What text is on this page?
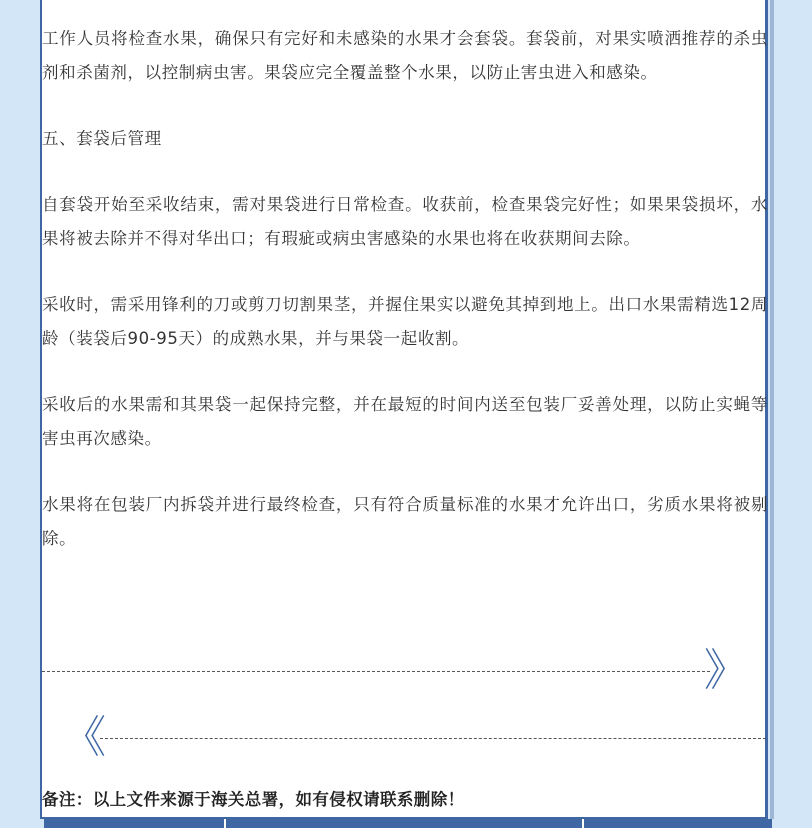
工作人员将检查水果，确保只有完好和未感染的水果才会套袋。套袋前，对果实喷洒推荐的杀虫剂和杀菌剂，以控制病虫害。果袋应完全覆盖整个水果，以防止害虫进入和感染。

五、套袋后管理

自套袋开始至采收结束，需对果袋进行日常检查。收获前，检查果袋完好性；如果果袋损坏，水果将被去除并不得对华出口；有瑕疵或病虫害感染的水果也将在收获期间去除。

采收时，需采用锋利的刀或剪刀切割果茎，并握住果实以避免其掉到地上。出口水果需精选12周龄（装袋后90-95天）的成熟水果，并与果袋一起收割。

采收后的水果需和其果袋一起保持完整，并在最短的时间内送至包装厂妥善处理，以防止实蝇等害虫再次感染。

水果将在包装厂内拆袋并进行最终检查，只有符合质量标准的水果才允许出口，劣质水果将被剔除。

》
《
备注：以上文件来源于海关总署，如有侵权请联系删除！
